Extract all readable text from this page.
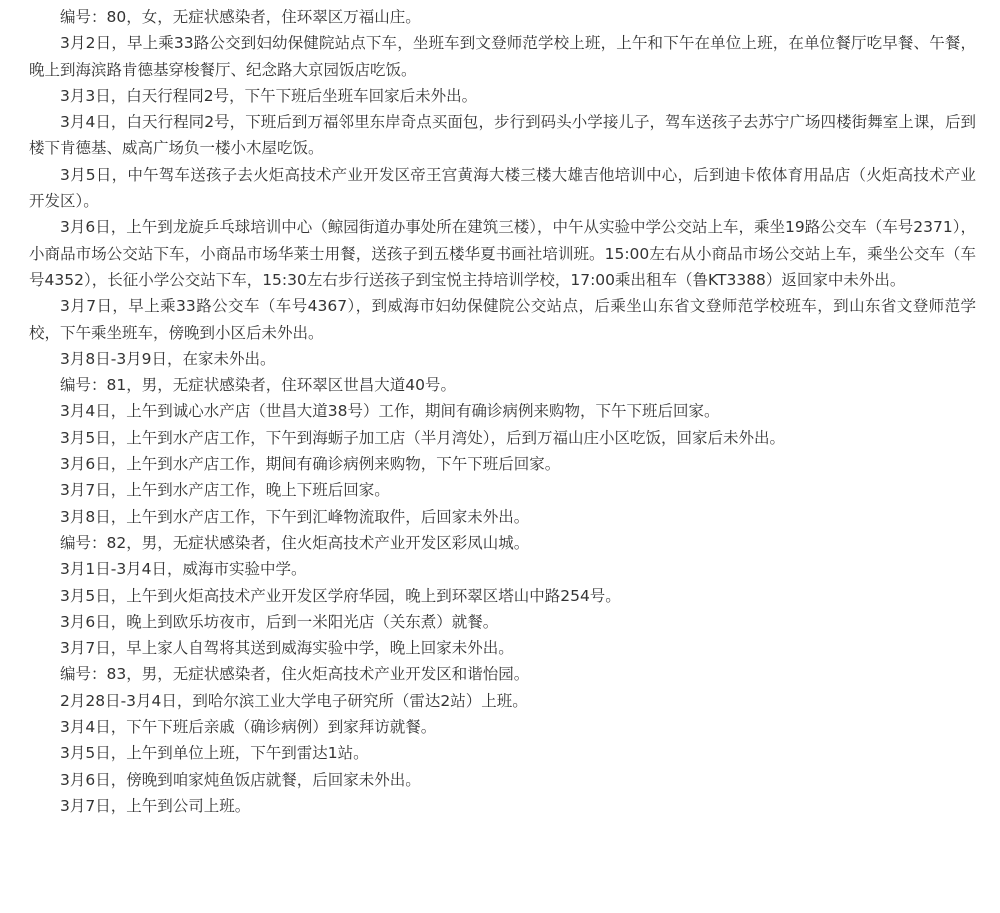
编号：80，女，无症状感染者，住环翠区万福山庄。

3月2日，早上乘33路公交到妇幼保健院站点下车，坐班车到文登师范学校上班，上午和下午在单位上班，在单位餐厅吃早餐、午餐，晚上到海滨路肯德基穿梭餐厅、纪念路大京园饭店吃饭。

3月3日，白天行程同2号，下午下班后坐班车回家后未外出。

3月4日，白天行程同2号，下班后到万福邻里东岸奇点买面包，步行到码头小学接儿子，驾车送孩子去苏宁广场四楼街舞室上课，后到楼下肯德基、威高广场负一楼小木屋吃饭。

3月5日，中午驾车送孩子去火炬高技术产业开发区帝王宫黄海大楼三楼大雄吉他培训中心，后到迪卡侬体育用品店（火炬高技术产业开发区）。

3月6日，上午到龙旋乒乓球培训中心（鲸园街道办事处所在建筑三楼），中午从实验中学公交站上车，乘坐19路公交车（车号2371），小商品市场公交站下车，小商品市场华莱士用餐，送孩子到五楼华夏书画社培训班。15:00左右从小商品市场公交站上车，乘坐公交车（车号4352），长征小学公交站下车，15:30左右步行送孩子到宝悦主持培训学校，17:00乘出租车（鲁KT3388）返回家中未外出。

3月7日，早上乘33路公交车（车号4367），到威海市妇幼保健院公交站点，后乘坐山东省文登师范学校班车，到山东省文登师范学校，下午乘坐班车，傍晚到小区后未外出。

3月8日-3月9日，在家未外出。

编号：81，男，无症状感染者，住环翠区世昌大道40号。

3月4日，上午到诚心水产店（世昌大道38号）工作，期间有确诊病例来购物，下午下班后回家。

3月5日，上午到水产店工作，下午到海蛎子加工店（半月湾处），后到万福山庄小区吃饭，回家后未外出。

3月6日，上午到水产店工作，期间有确诊病例来购物，下午下班后回家。

3月7日，上午到水产店工作，晚上下班后回家。

3月8日，上午到水产店工作，下午到汇峰物流取件，后回家未外出。

编号：82，男，无症状感染者，住火炬高技术产业开发区彩凤山城。

3月1日-3月4日，威海市实验中学。

3月5日，上午到火炬高技术产业开发区学府华园，晚上到环翠区塔山中路254号。

3月6日，晚上到欧乐坊夜市，后到一米阳光店（关东煮）就餐。

3月7日，早上家人自驾将其送到威海实验中学，晚上回家未外出。

编号：83，男，无症状感染者，住火炬高技术产业开发区和谐怡园。

2月28日-3月4日，到哈尔滨工业大学电子研究所（雷达2站）上班。

3月4日，下午下班后亲戚（确诊病例）到家拜访就餐。

3月5日，上午到单位上班，下午到雷达1站。

3月6日，傍晚到咱家炖鱼饭店就餐，后回家未外出。

3月7日，上午到公司上班。
